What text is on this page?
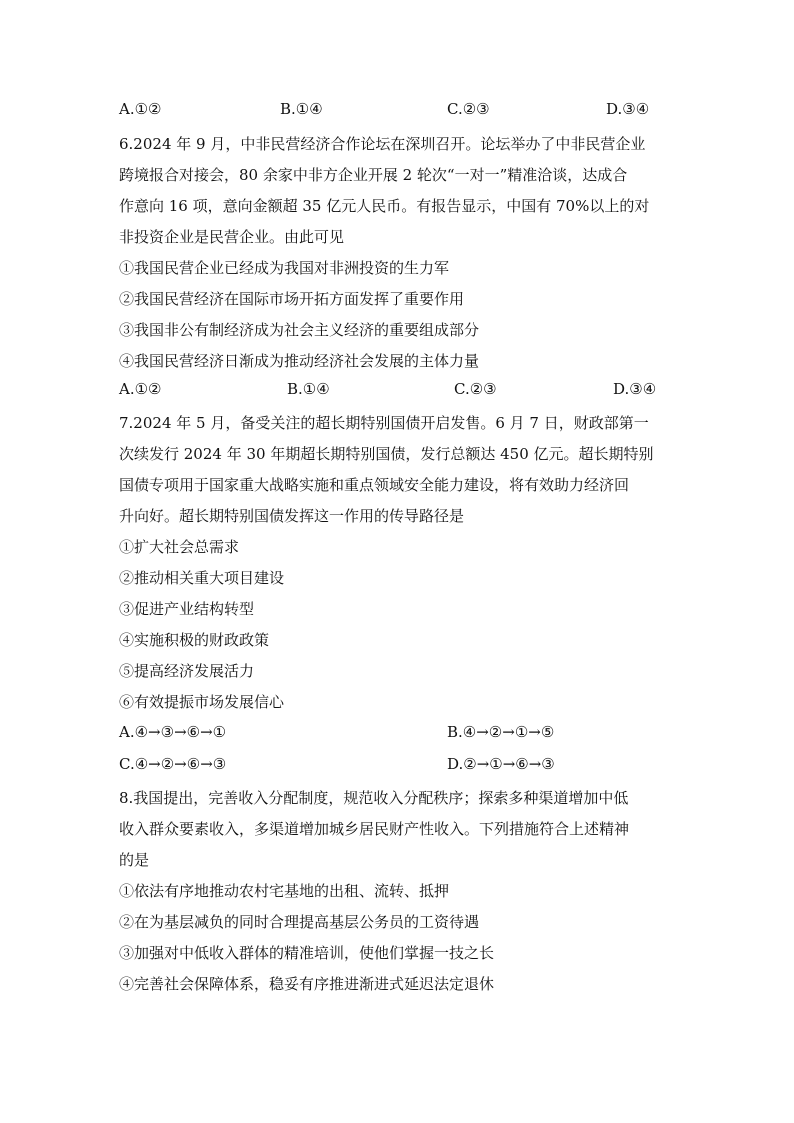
A.①②	B.①④	C.②③	D.③④
6.2024 年 9 月，中非民营经济合作论坛在深圳召开。论坛举办了中非民营企业
跨境报合对接会，80 余家中非方企业开展 2 轮次“一对一”精准洽谈，达成合
作意向 16 项，意向金额超 35 亿元人民币。有报告显示，中国有 70%以上的对
非投资企业是民营企业。由此可见
①我国民营企业已经成为我国对非洲投资的生力军
②我国民营经济在国际市场开拓方面发挥了重要作用
③我国非公有制经济成为社会主义经济的重要组成部分
④我国民营经济日渐成为推动经济社会发展的主体力量
A.①②	B.①④	C.②③	D.③④
7.2024 年 5 月，备受关注的超长期特别国债开启发售。6 月 7 日，财政部第一
次续发行 2024 年 30 年期超长期特别国债，发行总额达 450 亿元。超长期特别
国债专项用于国家重大战略实施和重点领域安全能力建设，将有效助力经济回
升向好。超长期特别国债发挥这一作用的传导路径是
①扩大社会总需求
②推动相关重大项目建设
③促进产业结构转型
④实施积极的财政政策
⑤提高经济发展活力
⑥有效提振市场发展信心
A.④→③→⑥→①	B.④→②→①→⑤
C.④→②→⑥→③	D.②→①→⑥→③
8.我国提出，完善收入分配制度，规范收入分配秩序；探索多种渠道增加中低
收入群众要素收入，多渠道增加城乡居民财产性收入。下列措施符合上述精神
的是
①依法有序地推动农村宅基地的出租、流转、抵押
②在为基层减负的同时合理提高基层公务员的工资待遇
③加强对中低收入群体的精准培训，使他们掌握一技之长
④完善社会保障体系，稳妥有序推进渐进式延迟法定退休
